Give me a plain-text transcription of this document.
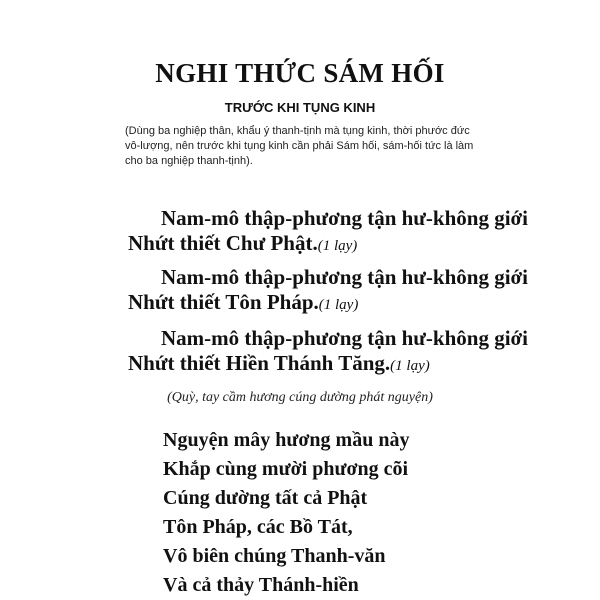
NGHI THỨC SÁM HỐI
TRƯỚC KHI TỤNG KINH

(Dùng ba nghiệp thân, khẩu ý thanh-tịnh mà tụng kinh, thời phước đức
vô-lượng, nên trước khi tụng kinh cần phải Sám hối, sám-hối tức là làm
cho ba nghiệp thanh-tịnh).

Nam-mô thập-phương tận hư-không giới
Nhứt thiết Chư Phật.(1 lạy)
Nam-mô thập-phương tận hư-không giới
Nhứt thiết Tôn Pháp.(1 lạy)
Nam-mô thập-phương tận hư-không giới
Nhứt thiết Hiền Thánh Tăng.(1 lạy)
(Quỳ, tay cầm hương cúng dường phát nguyện)
Nguyện mây hương mầu này
Khắp cùng mười phương cõi
Cúng dường tất cả Phật
Tôn Pháp, các Bồ Tát,
Vô biên chúng Thanh-văn
Và cả thảy Thánh-hiền
